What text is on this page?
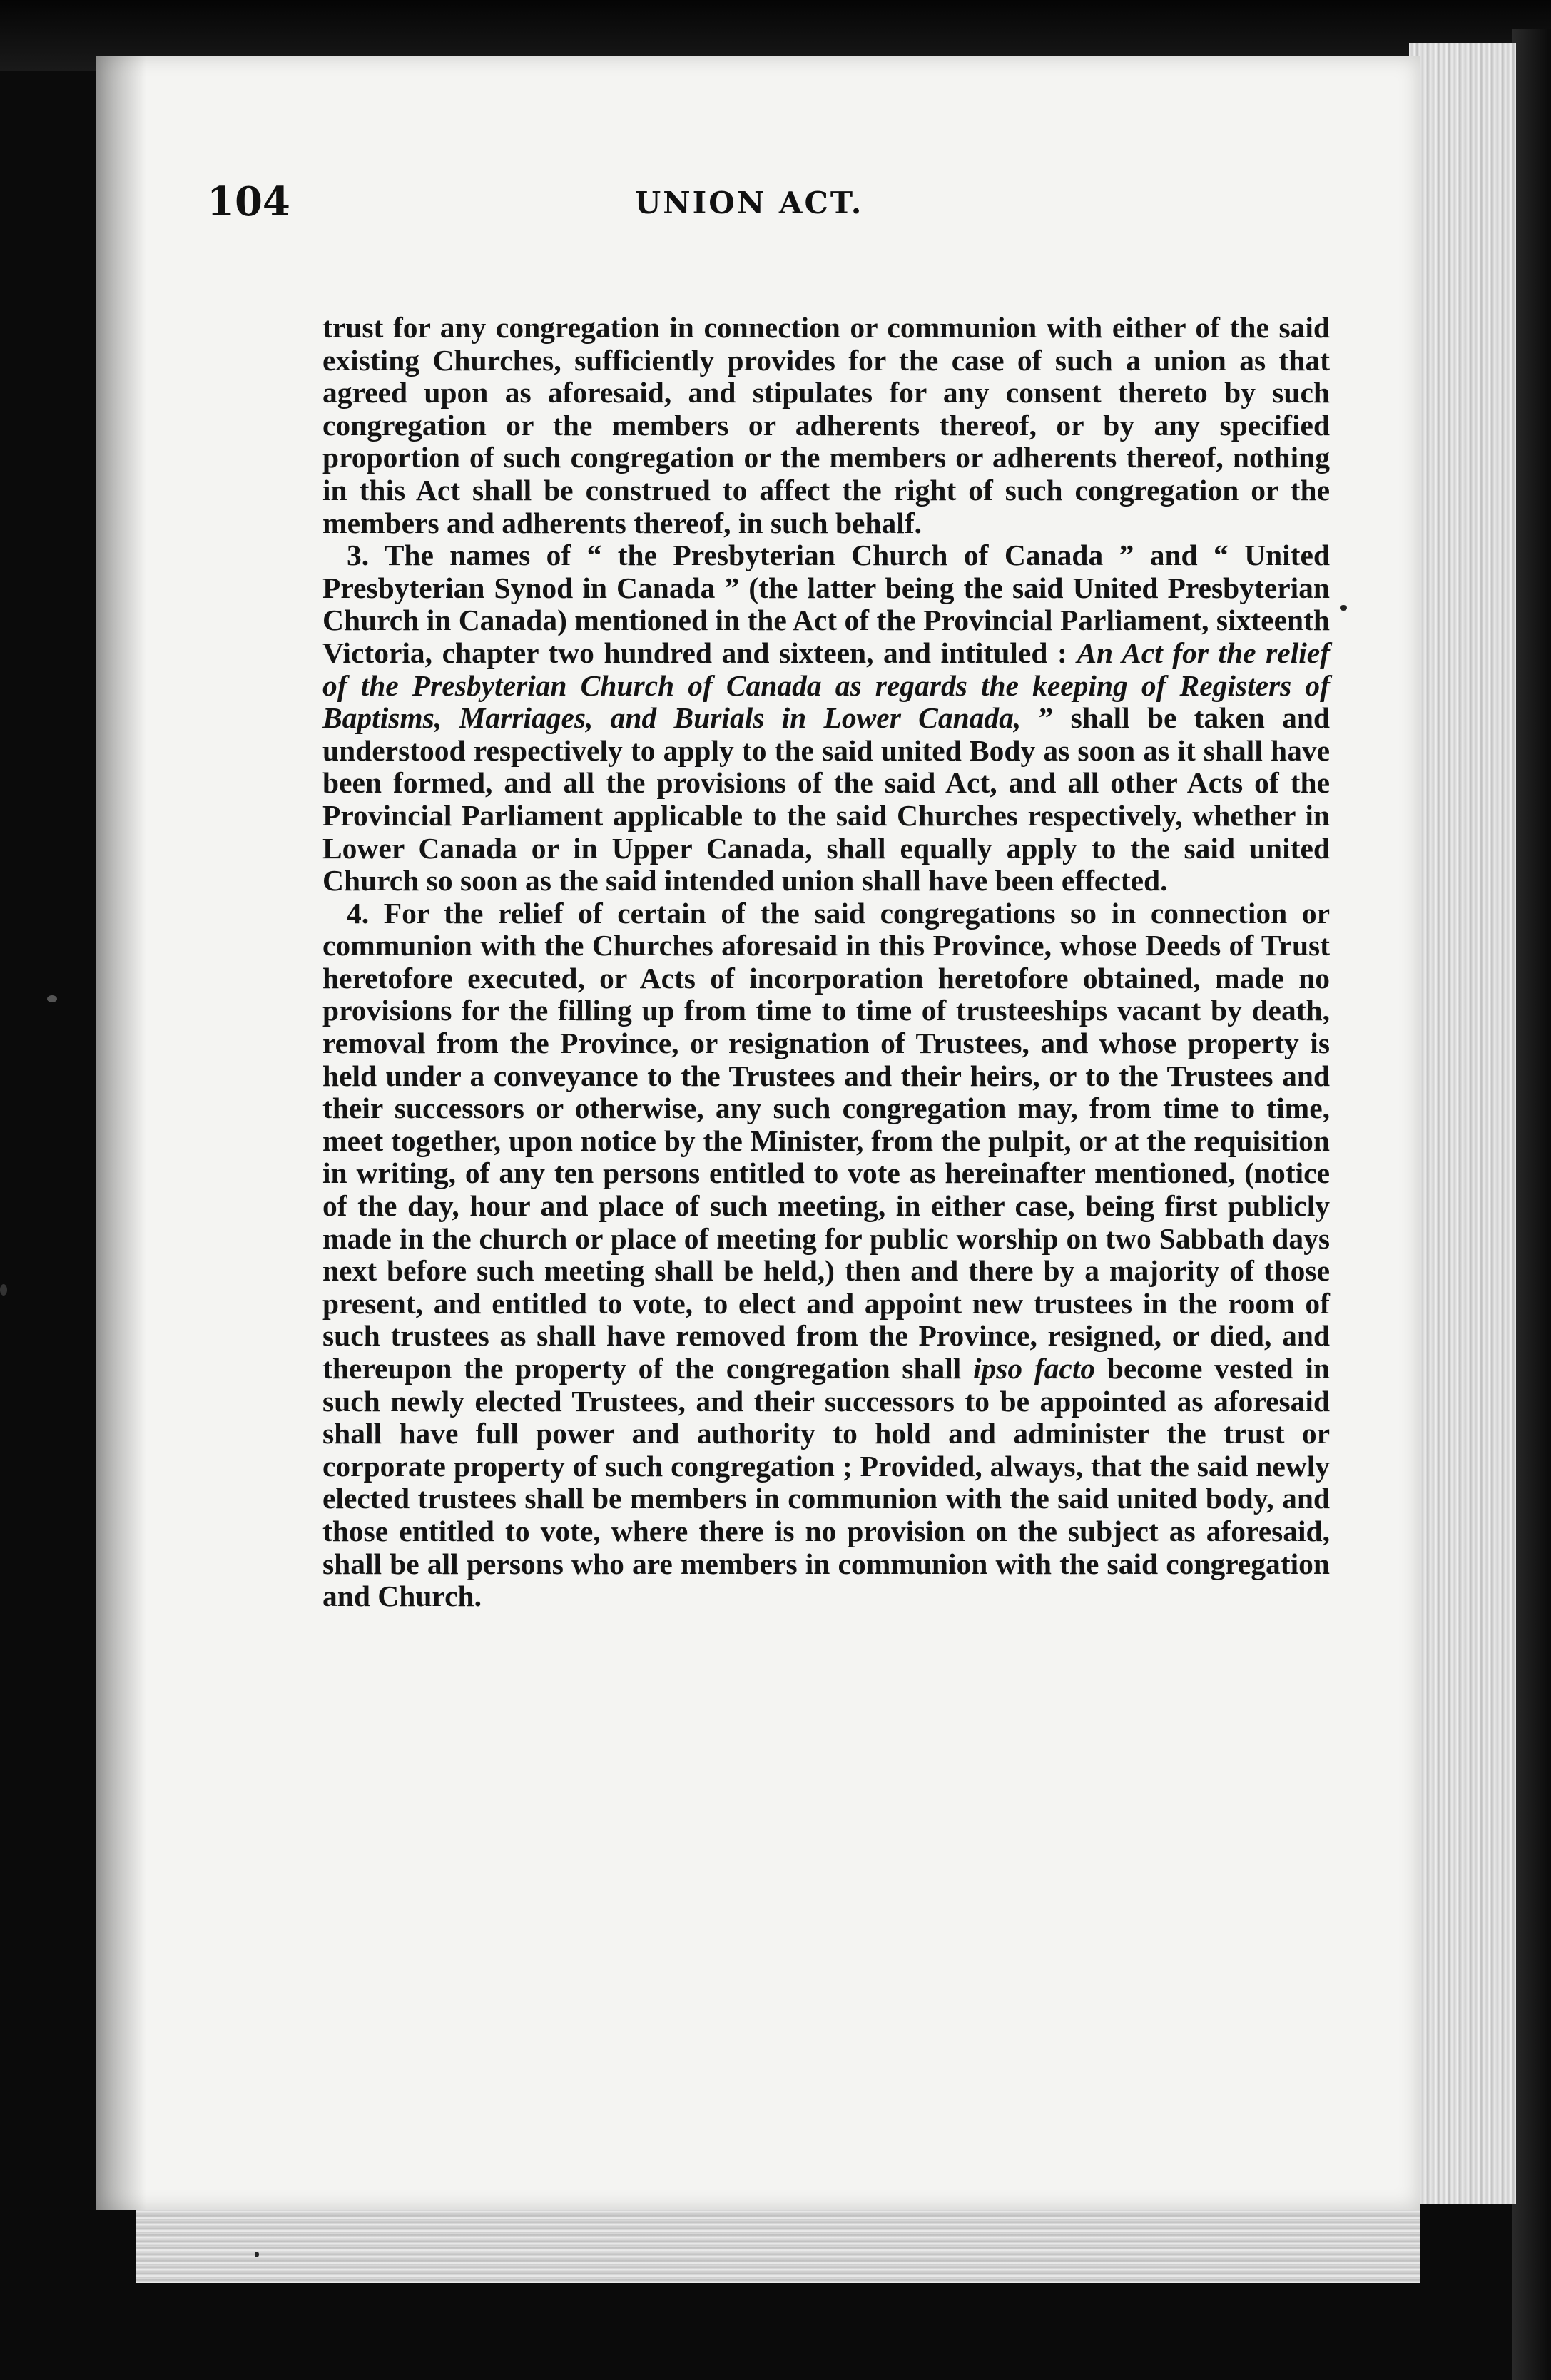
104	UNION ACT.

trust for any congregation in connection or communion with either of the said existing Churches, sufficiently provides for the case of such a union as that agreed upon as aforesaid, and stipulates for any consent thereto by such congregation or the members or adherents thereof, or by any specified proportion of such congregation or the members or adherents thereof, nothing in this Act shall be construed to affect the right of such congregation or the members and adherents thereof, in such behalf.

3. The names of “ the Presbyterian Church of Canada ” and “ United Presbyterian Synod in Canada ” (the latter being the said United Presbyterian Church in Canada) mentioned in the Act of the Provincial Parliament, sixteenth Victoria, chapter two hundred and sixteen, and intituled : An Act for the relief of the Presbyterian Church of Canada as regards the keeping of Registers of Baptisms, Marriages, and Burials in Lower Canada, ” shall be taken and understood respectively to apply to the said united Body as soon as it shall have been formed, and all the provisions of the said Act, and all other Acts of the Provincial Parliament applicable to the said Churches respectively, whether in Lower Canada or in Upper Canada, shall equally apply to the said united Church so soon as the said intended union shall have been effected.

4. For the relief of certain of the said congregations so in connection or communion with the Churches aforesaid in this Province, whose Deeds of Trust heretofore executed, or Acts of incorporation heretofore obtained, made no provisions for the filling up from time to time of trusteeships vacant by death, removal from the Province, or resignation of Trustees, and whose property is held under a conveyance to the Trustees and their heirs, or to the Trustees and their successors or otherwise, any such congregation may, from time to time, meet together, upon notice by the Minister, from the pulpit, or at the requisition in writing, of any ten persons entitled to vote as hereinafter mentioned, (notice of the day, hour and place of such meeting, in either case, being first publicly made in the church or place of meeting for public worship on two Sabbath days next before such meeting shall be held,) then and there by a majority of those present, and entitled to vote, to elect and appoint new trustees in the room of such trustees as shall have removed from the Province, resigned, or died, and thereupon the property of the congregation shall ipso facto become vested in such newly elected Trustees, and their successors to be appointed as aforesaid shall have full power and authority to hold and administer the trust or corporate property of such congregation ; Provided, always, that the said newly elected trustees shall be members in communion with the said united body, and those entitled to vote, where there is no provision on the subject as aforesaid, shall be all persons who are members in communion with the said congregation and Church.
